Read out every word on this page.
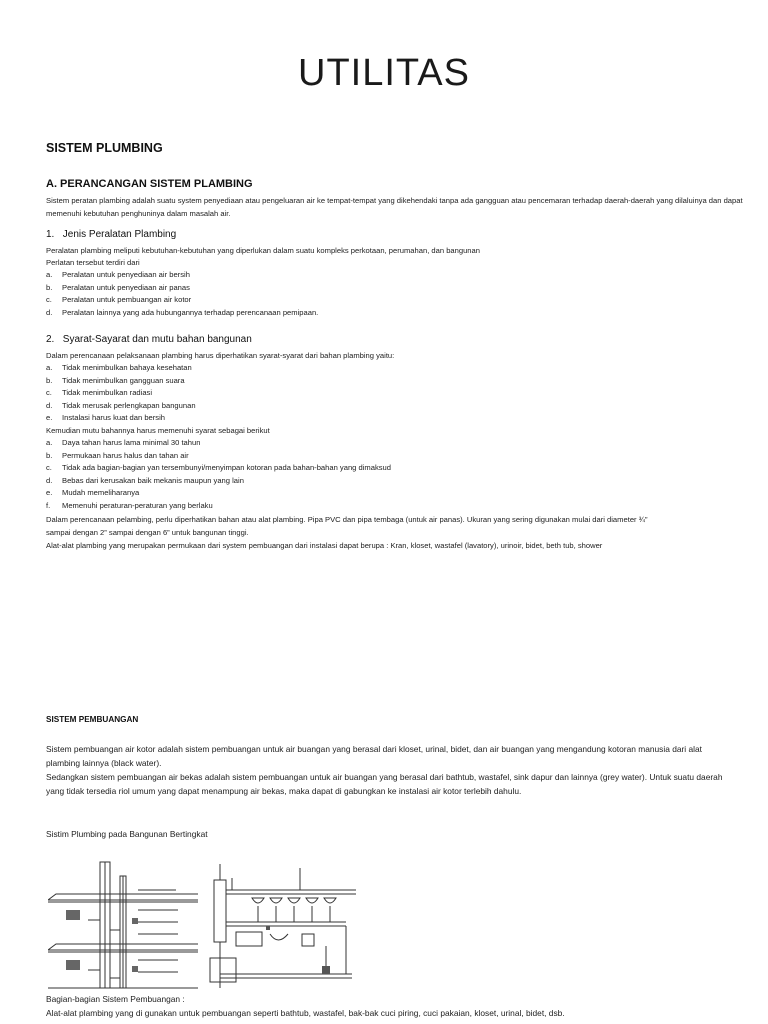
UTILITAS
SISTEM PLUMBING
A. PERANCANGAN SISTEM PLAMBING
Sistem peratan plambing adalah suatu system penyediaan atau pengeluaran air ke tempat-tempat yang dikehendaki tanpa ada gangguan atau pencemaran terhadap daerah-daerah yang dilaluinya dan dapat memenuhi kebutuhan penghuninya dalam masalah air.
1. Jenis Peralatan Plambing
Peralatan plambing meliputi kebutuhan-kebutuhan yang diperlukan dalam suatu kompleks perkotaan, perumahan, dan bangunan
Perlatan tersebut terdiri dari
a.	Peralatan untuk penyediaan air bersih
b.	Peralatan untuk penyediaan air panas
c.	Peralatan untuk pembuangan air kotor
d.	Peralatan lainnya yang ada hubungannya terhadap perencanaan pemipaan.
2. Syarat-Sayarat dan mutu bahan bangunan
Dalam perencanaan pelaksanaan plambing harus diperhatikan syarat-syarat dari bahan plambing yaitu:
a.	Tidak menimbulkan bahaya kesehatan
b.	Tidak menimbulkan gangguan suara
c.	Tidak menimbulkan radiasi
d.	Tidak merusak perlengkapan bangunan
e.	Instalasi harus kuat dan bersih
Kemudian mutu bahannya harus memenuhi syarat sebagai berikut
a.	Daya tahan harus lama minimal 30 tahun
b.	Permukaan harus halus dan tahan air
c.	Tidak ada bagian-bagian yan tersembunyi/menyimpan kotoran pada bahan-bahan yang dimaksud
d.	Bebas dari kerusakan baik mekanis maupun yang lain
e.	Mudah memeliharanya
f.	Memenuhi peraturan-peraturan yang berlaku
Dalam perencanaan pelambing, perlu diperhatikan bahan atau alat plambing. Pipa PVC dan pipa tembaga (untuk air panas). Ukuran yang sering digunakan mulai dari diameter ¾”
sampai dengan 2” sampai dengan 6” untuk bangunan tinggi.
Alat-alat plambing yang merupakan permukaan dari system pembuangan dari instalasi dapat berupa : Kran, kloset, wastafel (lavatory), urinoir, bidet, beth tub, shower
SISTEM PEMBUANGAN
Sistem pembuangan air kotor adalah sistem pembuangan untuk air buangan yang berasal dari kloset, urinal, bidet, dan air buangan yang mengandung kotoran manusia dari alat plambing lainnya (black water).
Sedangkan sistem pembuangan air bekas adalah sistem pembuangan untuk air buangan yang berasal dari bathtub, wastafel, sink dapur dan lainnya (grey water). Untuk suatu daerah yang tidak tersedia riol umum yang dapat menampung air bekas, maka dapat di gabungkan ke instalasi air kotor terlebih dahulu.
Sistim Plumbing pada Bangunan Bertingkat
Bagian-bagian Sistem Pembuangan :
Alat-alat plambing yang di gunakan untuk pembuangan seperti bathtub, wastafel, bak-bak cuci piring, cuci pakaian, kloset, urinal, bidet, dsb.
